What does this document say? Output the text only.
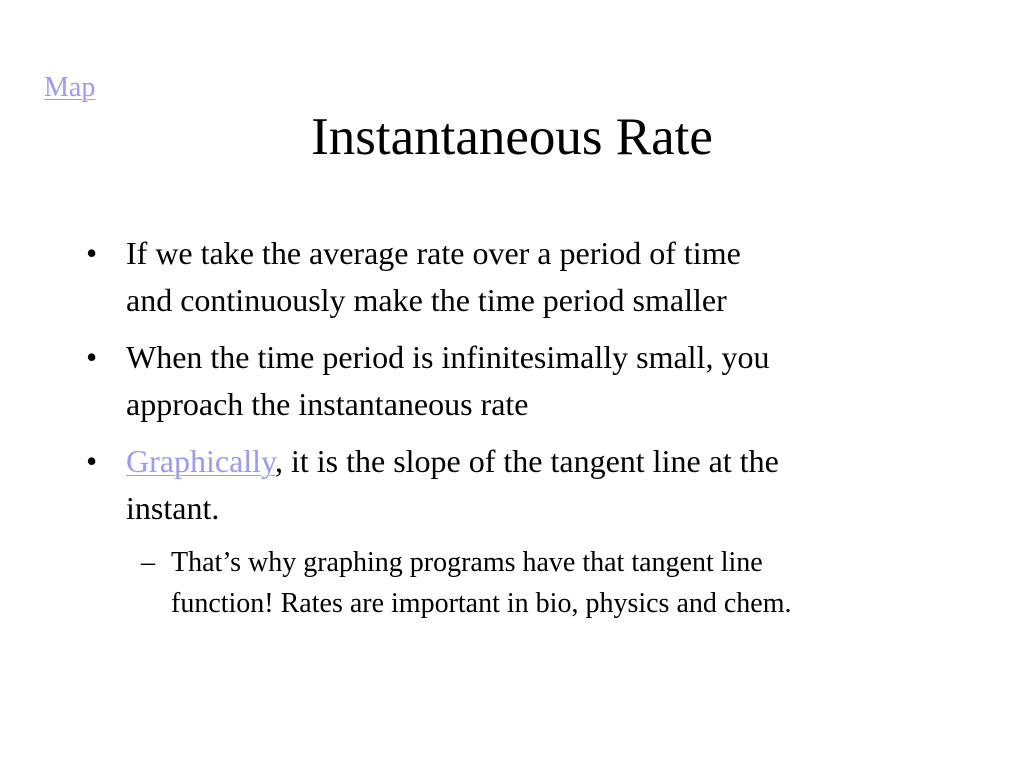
Map
Instantaneous Rate
• If we take the average rate over a period of time
and continuously make the time period smaller
• When the time period is infinitesimally small, you
approach the instantaneous rate
• Graphically, it is the slope of the tangent line at the
instant.
– That’s why graphing programs have that tangent line
function! Rates are important in bio, physics and chem.
